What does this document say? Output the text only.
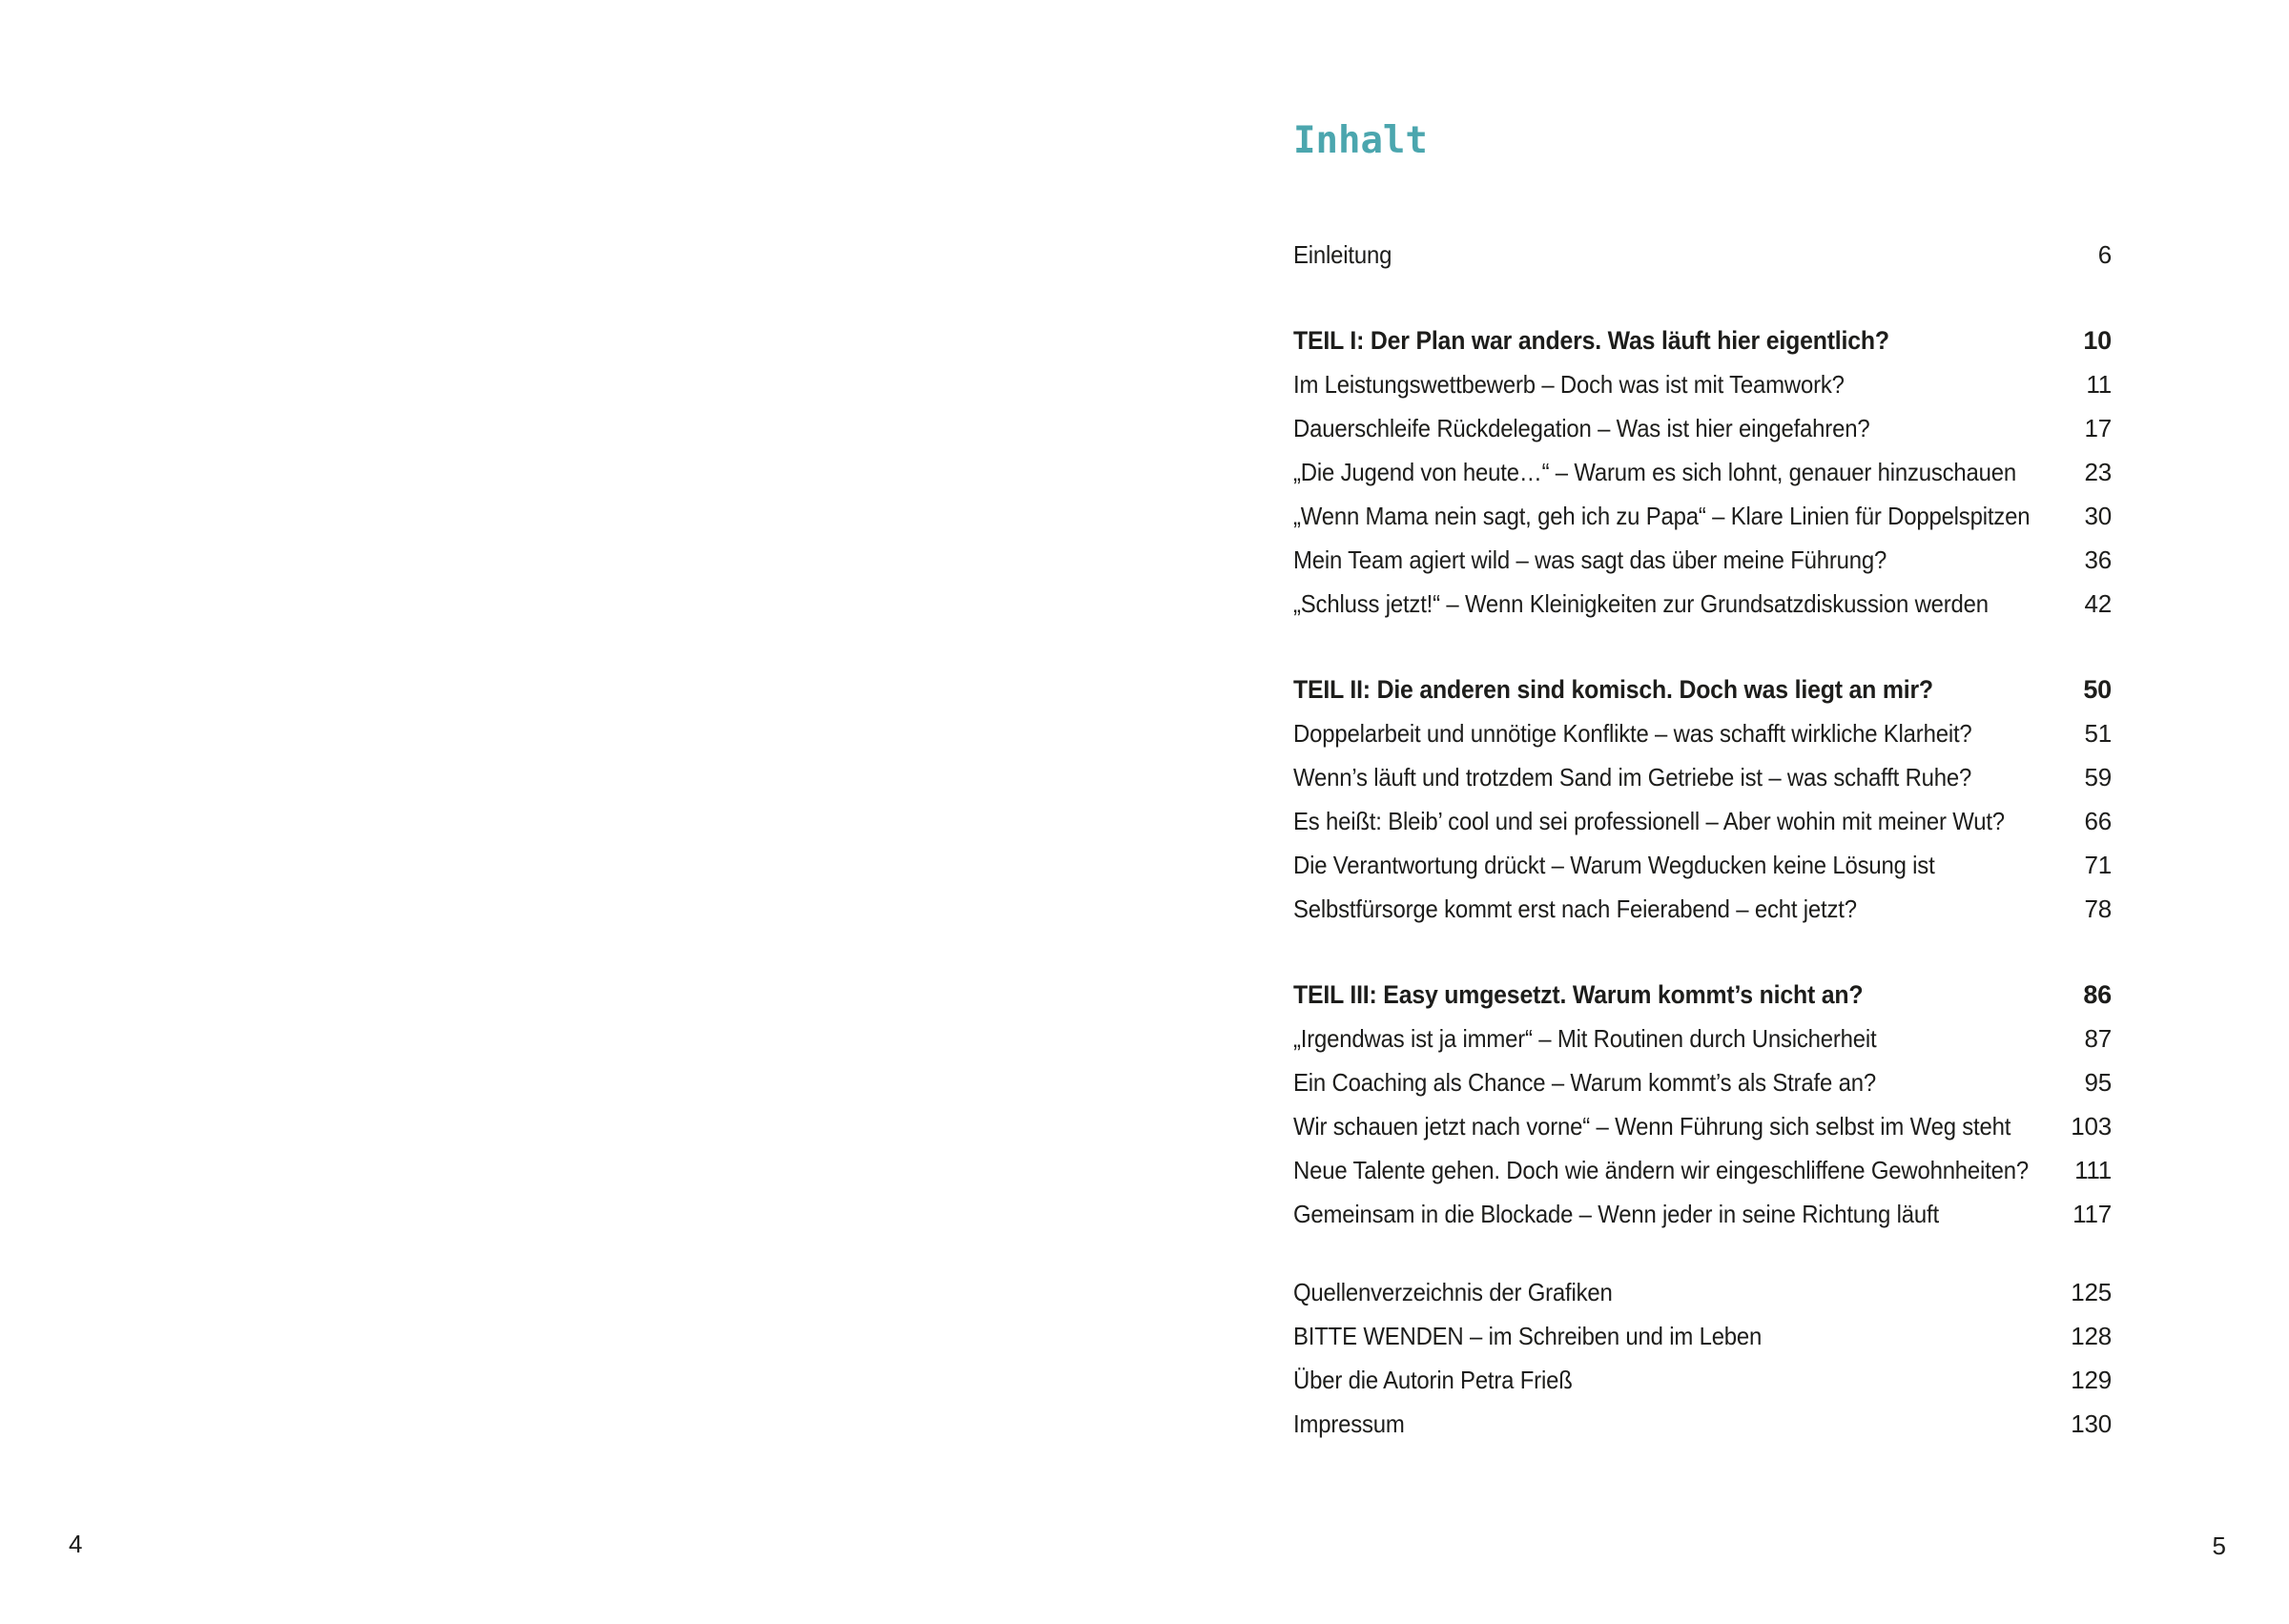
Inhalt
Einleitung	6
TEIL I: Der Plan war anders. Was läuft hier eigentlich?	10
Im Leistungswettbewerb – Doch was ist mit Teamwork?	11
Dauerschleife Rückdelegation – Was ist hier eingefahren?	17
„Die Jugend von heute…“ – Warum es sich lohnt, genauer hinzuschauen	23
„Wenn Mama nein sagt, geh ich zu Papa“ – Klare Linien für Doppelspitzen 30
Mein Team agiert wild – was sagt das über meine Führung?	36
„Schluss jetzt!“ – Wenn Kleinigkeiten zur Grundsatzdiskussion werden	42
TEIL II: Die anderen sind komisch. Doch was liegt an mir?	50
Doppelarbeit und unnötige Konflikte – was schafft wirkliche Klarheit?	51
Wenn’s läuft und trotzdem Sand im Getriebe ist – was schafft Ruhe?	59
Es heißt: Bleib’ cool und sei professionell – Aber wohin mit meiner Wut?	66
Die Verantwortung drückt – Warum Wegducken keine Lösung ist	71
Selbstfürsorge kommt erst nach Feierabend – echt jetzt?	78
TEIL III: Easy umgesetzt. Warum kommt’s nicht an?	86
„Irgendwas ist ja immer“ – Mit Routinen durch Unsicherheit	87
Ein Coaching als Chance – Warum kommt’s als Strafe an?	95
Wir schauen jetzt nach vorne“ – Wenn Führung sich selbst im Weg steht 103
Neue Talente gehen. Doch wie ändern wir eingeschliffene Gewohnheiten? 111
Gemeinsam in die Blockade – Wenn jeder in seine Richtung läuft	117
Quellenverzeichnis der Grafiken	125
BITTE WENDEN – im Schreiben und im Leben	128
Über die Autorin Petra Frieß	129
Impressum	130
4	5
